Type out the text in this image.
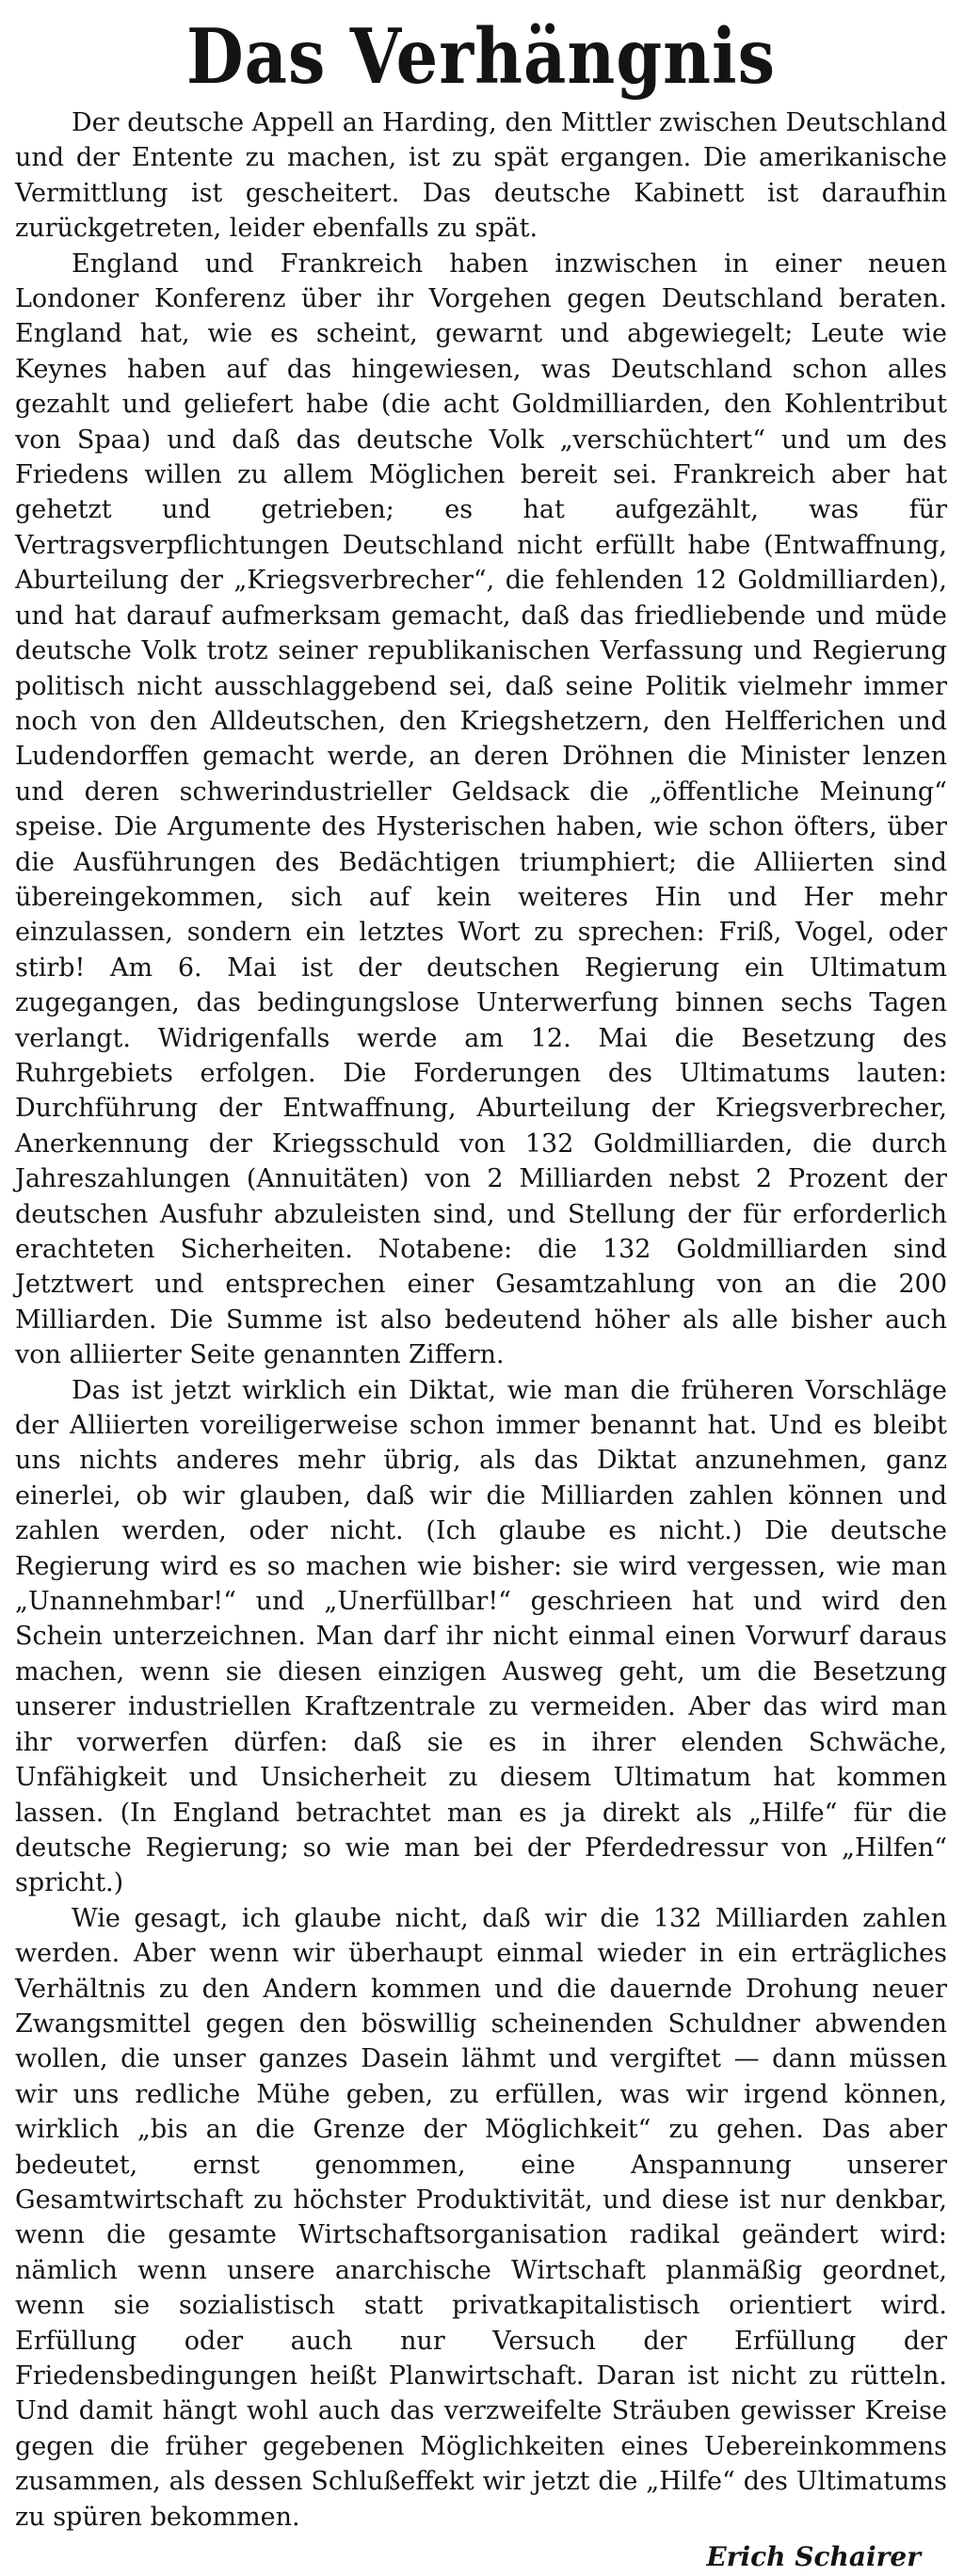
Das Verhängnis

Der deutsche Appell an Harding, den Mittler zwischen Deutschland und der Entente zu machen, ist zu spät ergangen. Die amerikanische Vermittlung ist gescheitert. Das deutsche Kabinett ist daraufhin zurückgetreten, leider ebenfalls zu spät.

England und Frankreich haben inzwischen in einer neuen Londoner Konferenz über ihr Vorgehen gegen Deutschland beraten. England hat, wie es scheint, gewarnt und abgewiegelt; Leute wie Keynes haben auf das hingewiesen, was Deutschland schon alles gezahlt und geliefert habe (die acht Goldmilliarden, den Kohlentribut von Spaa) und daß das deutsche Volk „verschüchtert“ und um des Friedens willen zu allem Möglichen bereit sei. Frankreich aber hat gehetzt und getrieben; es hat aufgezählt, was für Vertragsverpflichtungen Deutschland nicht erfüllt habe (Entwaffnung, Aburteilung der „Kriegsverbrecher“, die fehlenden 12 Goldmilliarden), und hat darauf aufmerksam gemacht, daß das friedliebende und müde deutsche Volk trotz seiner republikanischen Verfassung und Regierung politisch nicht ausschlaggebend sei, daß seine Politik vielmehr immer noch von den Alldeutschen, den Kriegshetzern, den Helfferichen und Ludendorffen gemacht werde, an deren Dröhnen die Minister lenzen und deren schwerindustrieller Geldsack die „öffentliche Meinung“ speise. Die Argumente des Hysterischen haben, wie schon öfters, über die Ausführungen des Bedächtigen triumphiert; die Alliierten sind übereingekommen, sich auf kein weiteres Hin und Her mehr einzulassen, sondern ein letztes Wort zu sprechen: Friß, Vogel, oder stirb! Am 6. Mai ist der deutschen Regierung ein Ultimatum zugegangen, das bedingungslose Unterwerfung binnen sechs Tagen verlangt. Widrigenfalls werde am 12. Mai die Besetzung des Ruhrgebiets erfolgen. Die Forderungen des Ultimatums lauten: Durchführung der Entwaffnung, Aburteilung der Kriegsverbrecher, Anerkennung der Kriegsschuld von 132 Goldmilliarden, die durch Jahreszahlungen (Annuitäten) von 2 Milliarden nebst 2 Prozent der deutschen Ausfuhr abzuleisten sind, und Stellung der für erforderlich erachteten Sicherheiten. Notabene: die 132 Goldmilliarden sind Jetztwert und entsprechen einer Gesamtzahlung von an die 200 Milliarden. Die Summe ist also bedeutend höher als alle bisher auch von alliierter Seite genannten Ziffern.

Das ist jetzt wirklich ein Diktat, wie man die früheren Vorschläge der Alliierten voreiligerweise schon immer benannt hat. Und es bleibt uns nichts anderes mehr übrig, als das Diktat anzunehmen, ganz einerlei, ob wir glauben, daß wir die Milliarden zahlen können und zahlen werden, oder nicht. (Ich glaube es nicht.) Die deutsche Regierung wird es so machen wie bisher: sie wird vergessen, wie man „Unannehmbar!“ und „Unerfüllbar!“ geschrieen hat und wird den Schein unterzeichnen. Man darf ihr nicht einmal einen Vorwurf daraus machen, wenn sie diesen einzigen Ausweg geht, um die Besetzung unserer industriellen Kraftzentrale zu vermeiden. Aber das wird man ihr vorwerfen dürfen: daß sie es in ihrer elenden Schwäche, Unfähigkeit und Unsicherheit zu diesem Ultimatum hat kommen lassen. (In England betrachtet man es ja direkt als „Hilfe“ für die deutsche Regierung; so wie man bei der Pferdedressur von „Hilfen“ spricht.)

Wie gesagt, ich glaube nicht, daß wir die 132 Milliarden zahlen werden. Aber wenn wir überhaupt einmal wieder in ein erträgliches Verhältnis zu den Andern kommen und die dauernde Drohung neuer Zwangsmittel gegen den böswillig scheinenden Schuldner abwenden wollen, die unser ganzes Dasein lähmt und vergiftet — dann müssen wir uns redliche Mühe geben, zu erfüllen, was wir irgend können, wirklich „bis an die Grenze der Möglichkeit“ zu gehen. Das aber bedeutet, ernst genommen, eine Anspannung unserer Gesamtwirtschaft zu höchster Produktivität, und diese ist nur denkbar, wenn die gesamte Wirtschaftsorganisation radikal geändert wird: nämlich wenn unsere anarchische Wirtschaft planmäßig geordnet, wenn sie sozialistisch statt privatkapitalistisch orientiert wird. Erfüllung oder auch nur Versuch der Erfüllung der Friedensbedingungen heißt Planwirtschaft. Daran ist nicht zu rütteln. Und damit hängt wohl auch das verzweifelte Sträuben gewisser Kreise gegen die früher gegebenen Möglichkeiten eines Uebereinkommens zusammen, als dessen Schlußeffekt wir jetzt die „Hilfe“ des Ultimatums zu spüren bekommen.

Erich Schairer
